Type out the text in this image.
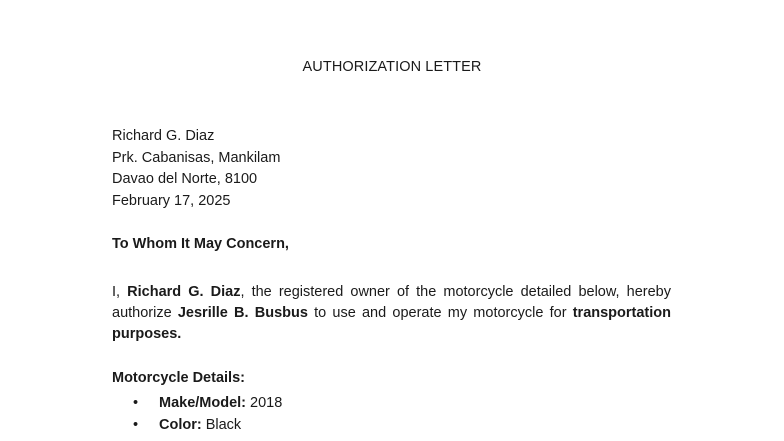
AUTHORIZATION LETTER
Richard G. Diaz
Prk. Cabanisas, Mankilam
Davao del Norte, 8100
February 17, 2025
To Whom It May Concern,
I, Richard G. Diaz, the registered owner of the motorcycle detailed below, hereby authorize Jesrille B. Busbus to use and operate my motorcycle for transportation purposes.
Motorcycle Details:
• Make/Model: 2018
• Color: Black
